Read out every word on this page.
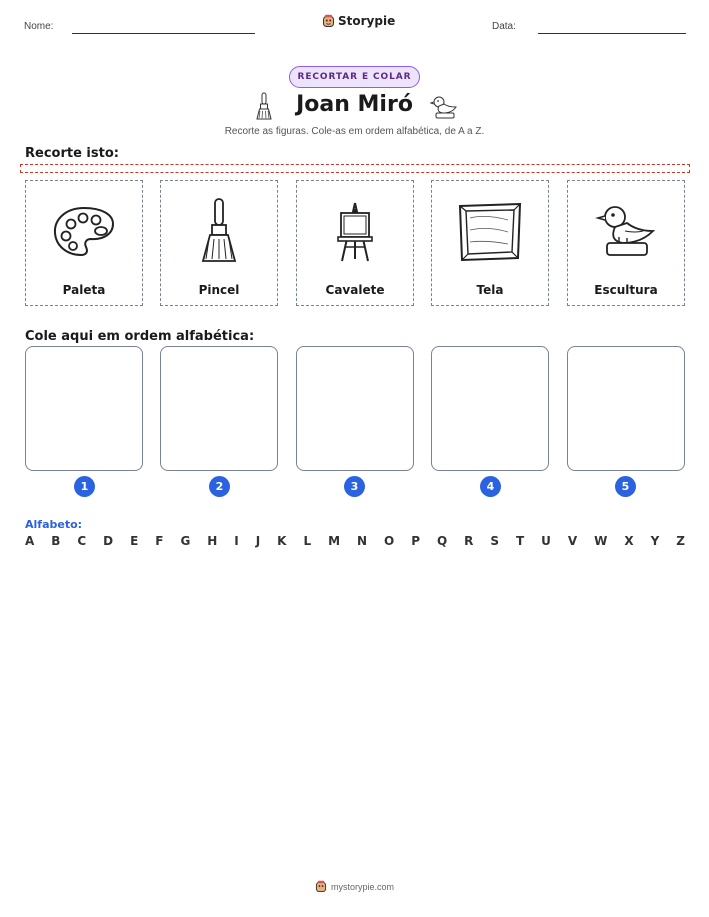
Nome:	Storypie	Data:
RECORTAR E COLAR
Joan Miró
Recorte as figuras. Cole-as em ordem alfabética, de A a Z.
Recorte isto:
Paleta	Pincel	Cavalete	Tela	Escultura
Cole aqui em ordem alfabética:
1	2	3	4	5
Alfabeto:
A B C D E F G H I J K L M N O P Q R S T U V W X Y Z
mystorypie.com
